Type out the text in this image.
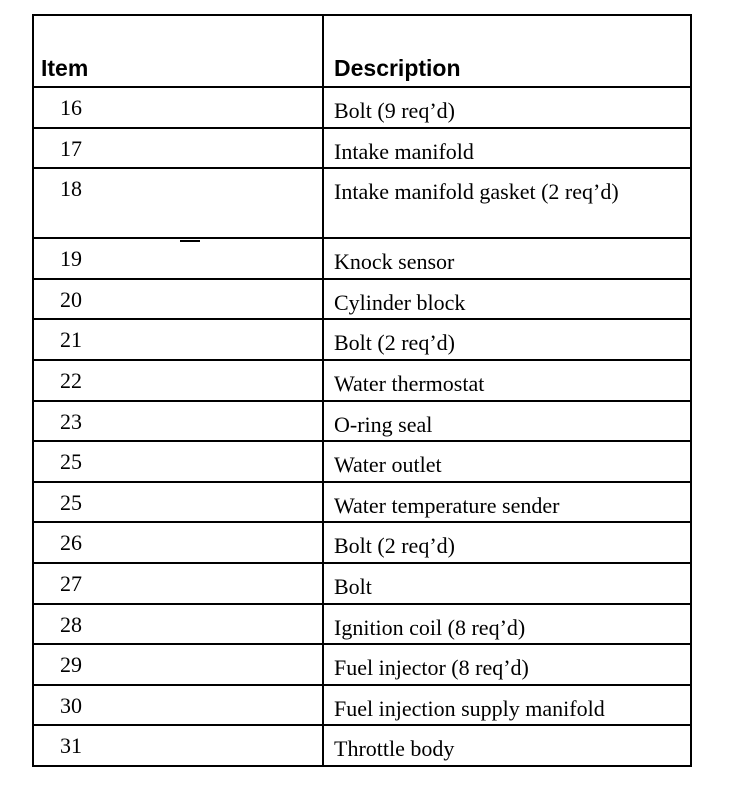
Item	Description
16	Bolt (9 req’d)
17	Intake manifold
18	Intake manifold gasket (2 req’d)
19	Knock sensor
20	Cylinder block
21	Bolt (2 req’d)
22	Water thermostat
23	O-ring seal
25	Water outlet
25	Water temperature sender
26	Bolt (2 req’d)
27	Bolt
28	Ignition coil (8 req’d)
29	Fuel injector (8 req’d)
30	Fuel injection supply manifold
31	Throttle body
